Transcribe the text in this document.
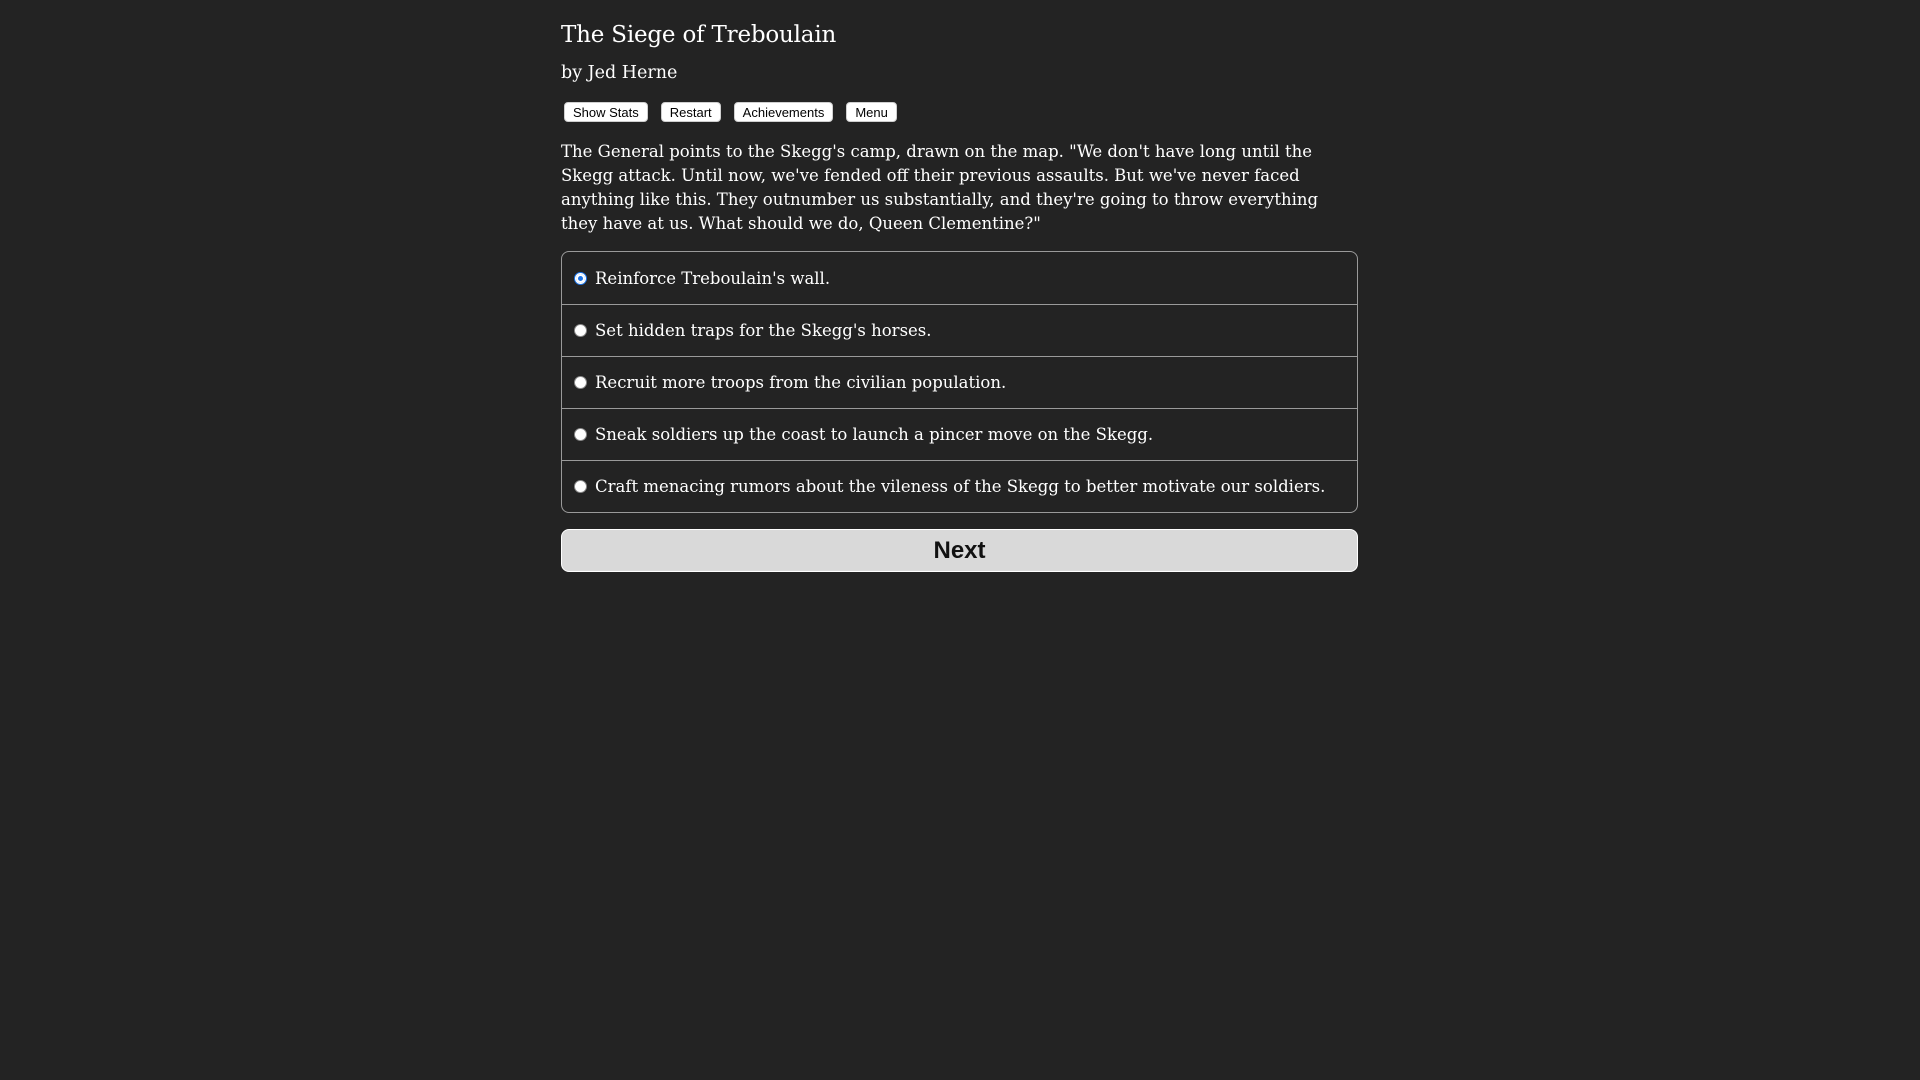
The Siege of Treboulain
by Jed Herne
Show Stats	Restart	Achievements	Menu
The General points to the Skegg's camp, drawn on the map. "We don't have long until the Skegg attack. Until now, we've fended off their previous assaults. But we've never faced anything like this. They outnumber us substantially, and they're going to throw everything they have at us. What should we do, Queen Clementine?"
Reinforce Treboulain's wall.
Set hidden traps for the Skegg's horses.
Recruit more troops from the civilian population.
Sneak soldiers up the coast to launch a pincer move on the Skegg.
Craft menacing rumors about the vileness of the Skegg to better motivate our soldiers.
Next
